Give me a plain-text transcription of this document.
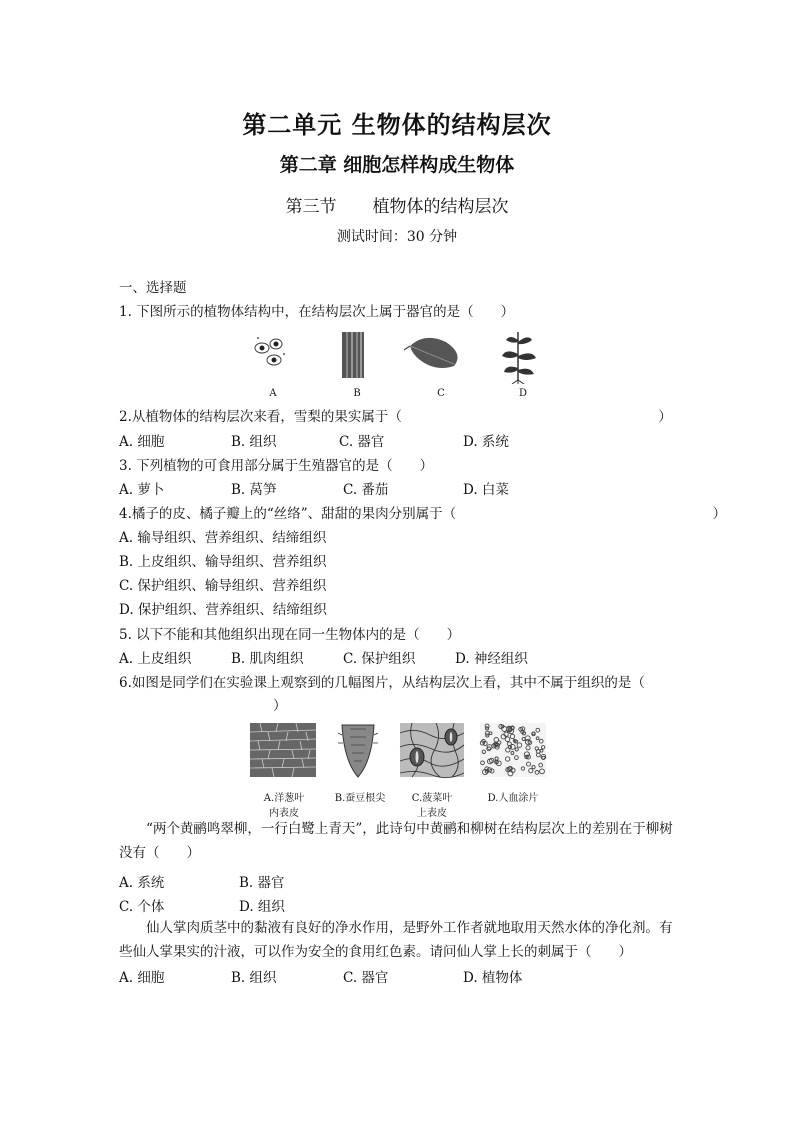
第二单元 生物体的结构层次
第二章 细胞怎样构成生物体
第三节 植物体的结构层次
测试时间：30 分钟
一、选择题
1. 下图所示的植物体结构中，在结构层次上属于器官的是（　　）
A	B	C	D
2.从植物体的结构层次来看，雪梨的果实属于（　　　　　　　　　　　　　　　　　　　）
A. 细胞	B. 组织	C. 器官	D. 系统
3. 下列植物的可食用部分属于生殖器官的是（　　）
A. 萝卜	B. 莴笋	C. 番茄	D. 白菜
4.橘子的皮、橘子瓣上的“丝络”、甜甜的果肉分别属于（　　　　　　　　　　　　　　　　　　　）
A. 输导组织、营养组织、结缔组织
B. 上皮组织、输导组织、营养组织
C. 保护组织、输导组织、营养组织
D. 保护组织、营养组织、结缔组织
5. 以下不能和其他组织出现在同一生物体内的是（　　）
A. 上皮组织	B. 肌肉组织	C. 保护组织	D. 神经组织
6.如图是同学们在实验课上观察到的几幅图片，从结构层次上看，其中不属于组织的是（
）
A.洋葱叶
内表皮
B.蚕豆根尖	C.菠菜叶
上表皮
D.人血涂片
“两个黄鹂鸣翠柳，一行白鹭上青天”，此诗句中黄鹂和柳树在结构层次上的差别在于柳树没有（　　）
A. 系统	B. 器官
C. 个体	D. 组织
仙人掌肉质茎中的黏液有良好的净水作用，是野外工作者就地取用天然水体的净化剂。有些仙人掌果实的汁液，可以作为安全的食用红色素。请问仙人掌上长的刺属于（　　）
A. 细胞	B. 组织	C. 器官	D. 植物体
